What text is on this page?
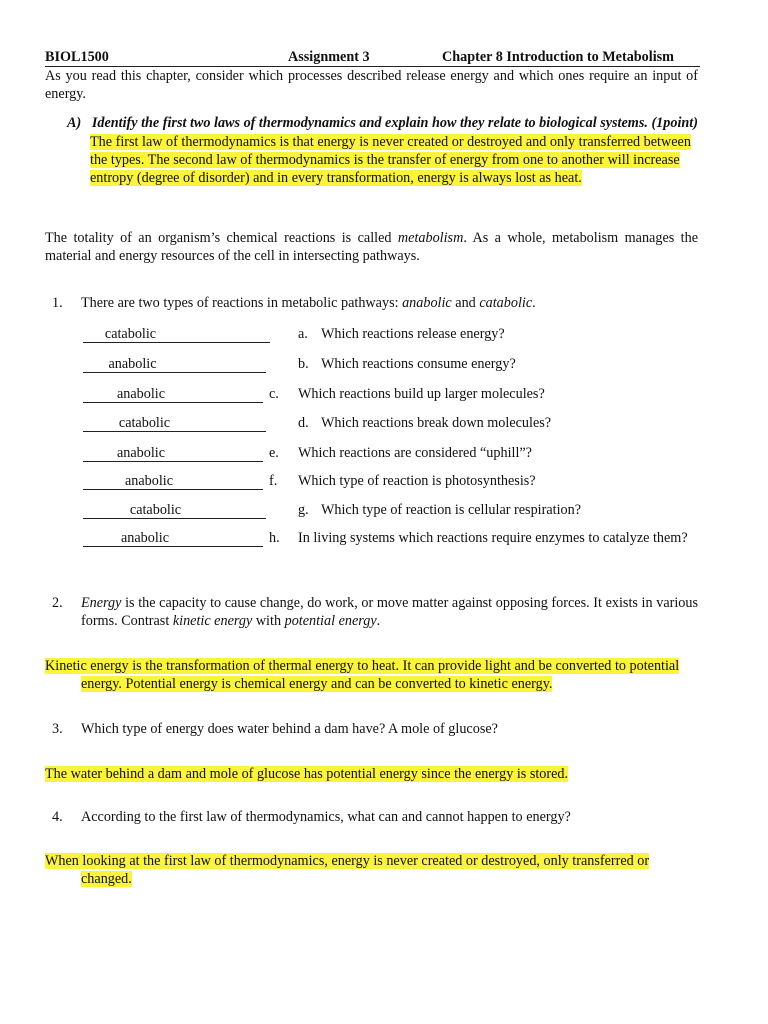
BIOL1500	Assignment 3	Chapter 8 Introduction to Metabolism
As you read this chapter, consider which processes described release energy and which ones require an input of energy.
A) Identify the first two laws of thermodynamics and explain how they relate to biological systems. (1point)
The first law of thermodynamics is that energy is never created or destroyed and only transferred between the types. The second law of thermodynamics is the transfer of energy from one to another will increase entropy (degree of disorder) and in every transformation, energy is always lost as heat.
The totality of an organism’s chemical reactions is called metabolism. As a whole, metabolism manages the material and energy resources of the cell in intersecting pathways.
1. There are two types of reactions in metabolic pathways: anabolic and catabolic.
catabolic	a. Which reactions release energy?
anabolic	b. Which reactions consume energy?
anabolic	c. Which reactions build up larger molecules?
catabolic	d. Which reactions break down molecules?
anabolic	e. Which reactions are considered “uphill”?
anabolic	f. Which type of reaction is photosynthesis?
catabolic	g. Which type of reaction is cellular respiration?
anabolic	h. In living systems which reactions require enzymes to catalyze them?
2. Energy is the capacity to cause change, do work, or move matter against opposing forces. It exists in various forms. Contrast kinetic energy with potential energy.
Kinetic energy is the transformation of thermal energy to heat. It can provide light and be converted to potential energy. Potential energy is chemical energy and can be converted to kinetic energy.
3. Which type of energy does water behind a dam have? A mole of glucose?
The water behind a dam and mole of glucose has potential energy since the energy is stored.
4. According to the first law of thermodynamics, what can and cannot happen to energy?
When looking at the first law of thermodynamics, energy is never created or destroyed, only transferred or changed.
